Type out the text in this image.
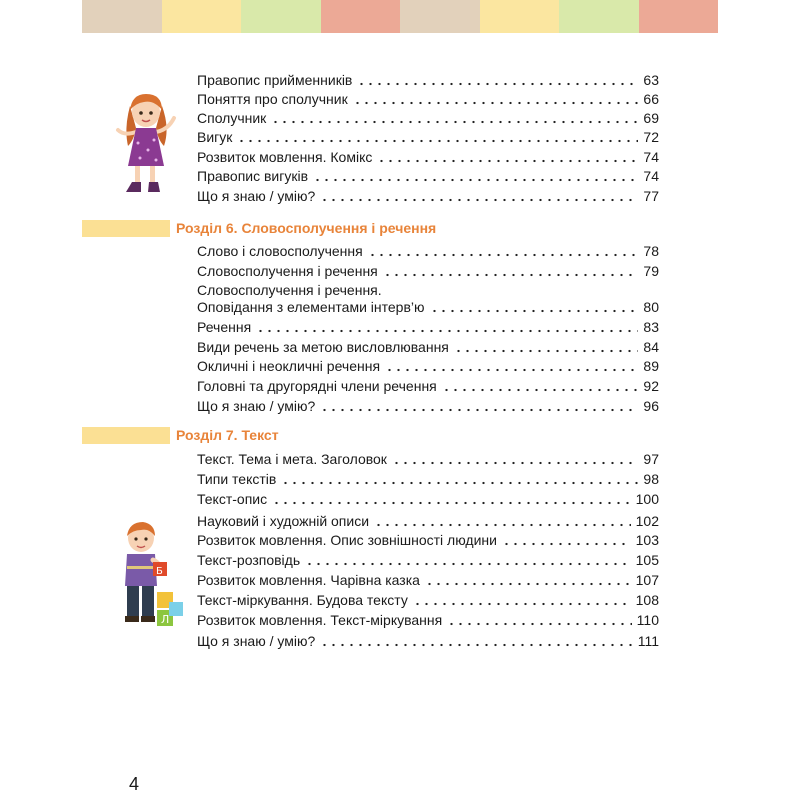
Б
Л
Правопис прийменників	63
Поняття про сполучник	66
Сполучник	69
Вигук	72
Розвиток мовлення. Комікс	74
Правопис вигуків	74
Що я знаю / умію?	77
Розділ 6. Словосполучення і речення
Слово і словосполучення	78
Словосполучення і речення	79
Словосполучення і речення.
Оповідання з елементами інтерв’ю	80
Речення	83
Види речень за метою висловлювання	84
Окличні і неокличні речення	89
Головні та другорядні члени речення	92
Що я знаю / умію?	96
Розділ 7. Текст
Текст. Тема і мета. Заголовок	97
Типи текстів	98
Текст-опис	100
Науковий і художній описи	102
Розвиток мовлення. Опис зовнішності людини	103
Текст-розповідь	105
Розвиток мовлення. Чарівна казка	107
Текст-міркування. Будова тексту	108
Розвиток мовлення. Текст-міркування	110
Що я знаю / умію?	111
4
